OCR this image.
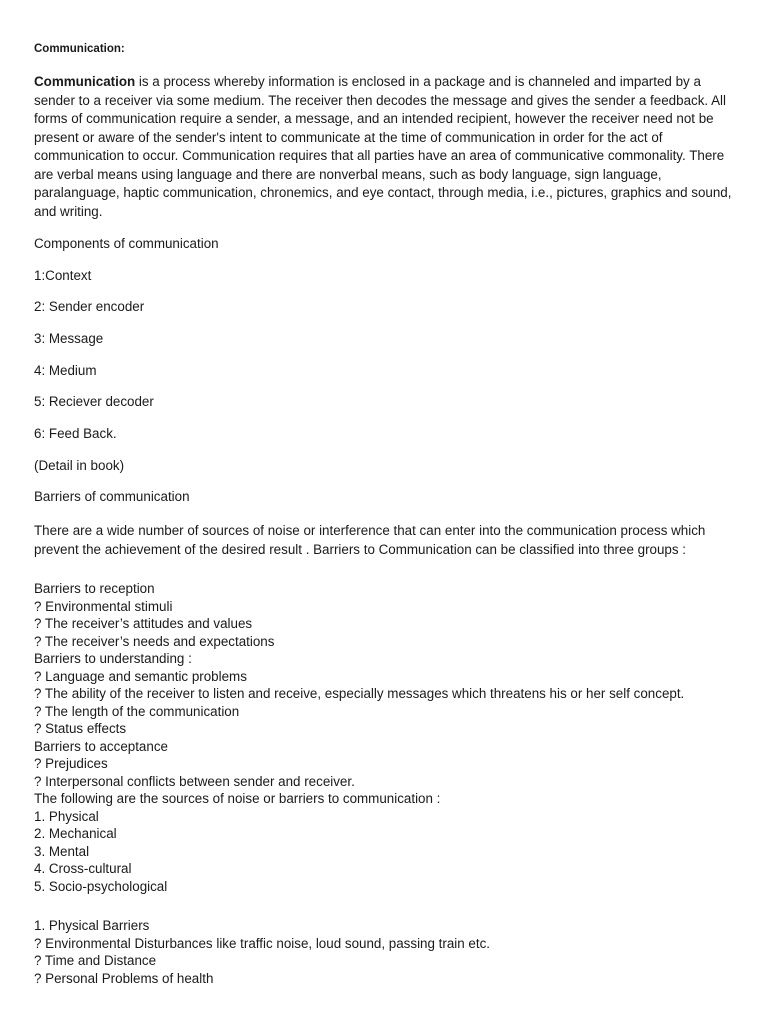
Communication:

Communication is a process whereby information is enclosed in a package and is channeled and imparted by a sender to a receiver via some medium. The receiver then decodes the message and gives the sender a feedback. All forms of communication require a sender, a message, and an intended recipient, however the receiver need not be present or aware of the sender's intent to communicate at the time of communication in order for the act of communication to occur. Communication requires that all parties have an area of communicative commonality. There are verbal means using language and there are nonverbal means, such as body language, sign language, paralanguage, haptic communication, chronemics, and eye contact, through media, i.e., pictures, graphics and sound, and writing.

Components of communication
1:Context
2: Sender encoder
3: Message
4: Medium
5: Reciever decoder
6: Feed Back.
(Detail in book)
Barriers of communication

There are a wide number of sources of noise or interference that can enter into the communication process which prevent the achievement of the desired result . Barriers to Communication can be classified into three groups :

Barriers to reception
? Environmental stimuli
? The receiver’s attitudes and values
? The receiver’s needs and expectations
Barriers to understanding :
? Language and semantic problems
? The ability of the receiver to listen and receive, especially messages which threatens his or her self concept.
? The length of the communication
? Status effects
Barriers to acceptance
? Prejudices
? Interpersonal conflicts between sender and receiver.
The following are the sources of noise or barriers to communication :
1. Physical
2. Mechanical
3. Mental
4. Cross-cultural
5. Socio-psychological
1. Physical Barriers
? Environmental Disturbances like traffic noise, loud sound, passing train etc.
? Time and Distance
? Personal Problems of health
